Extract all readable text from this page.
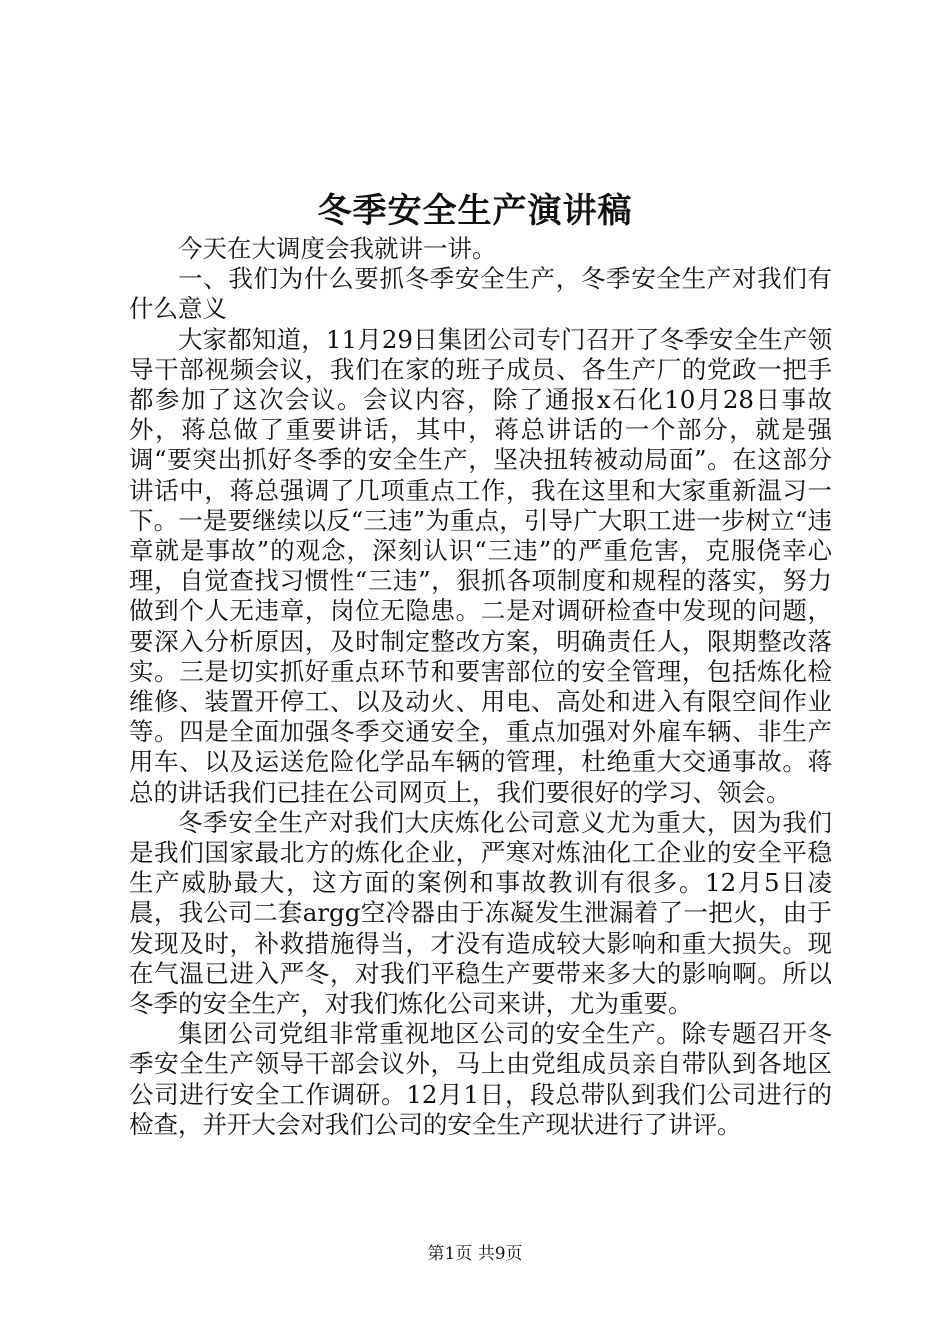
冬季安全生产演讲稿

今天在大调度会我就讲一讲。

一、我们为什么要抓冬季安全生产，冬季安全生产对我们有什么意义

大家都知道，11月29日集团公司专门召开了冬季安全生产领导干部视频会议，我们在家的班子成员、各生产厂的党政一把手都参加了这次会议。会议内容，除了通报x石化10月28日事故外，蒋总做了重要讲话，其中，蒋总讲话的一个部分，就是强调“要突出抓好冬季的安全生产，坚决扭转被动局面”。在这部分讲话中，蒋总强调了几项重点工作，我在这里和大家重新温习一下。一是要继续以反“三违”为重点，引导广大职工进一步树立“违章就是事故”的观念，深刻认识“三违”的严重危害，克服侥幸心理，自觉查找习惯性“三违”，狠抓各项制度和规程的落实，努力做到个人无违章，岗位无隐患。二是对调研检查中发现的问题，要深入分析原因，及时制定整改方案，明确责任人，限期整改落实。三是切实抓好重点环节和要害部位的安全管理，包括炼化检维修、装置开停工、以及动火、用电、高处和进入有限空间作业等。四是全面加强冬季交通安全，重点加强对外雇车辆、非生产用车、以及运送危险化学品车辆的管理，杜绝重大交通事故。蒋总的讲话我们已挂在公司网页上，我们要很好的学习、领会。

冬季安全生产对我们大庆炼化公司意义尤为重大，因为我们是我们国家最北方的炼化企业，严寒对炼油化工企业的安全平稳生产威胁最大，这方面的案例和事故教训有很多。12月5日凌晨，我公司二套argg空冷器由于冻凝发生泄漏着了一把火，由于发现及时，补救措施得当，才没有造成较大影响和重大损失。现在气温已进入严冬，对我们平稳生产要带来多大的影响啊。所以冬季的安全生产，对我们炼化公司来讲，尤为重要。

集团公司党组非常重视地区公司的安全生产。除专题召开冬季安全生产领导干部会议外，马上由党组成员亲自带队到各地区公司进行安全工作调研。12月1日，段总带队到我们公司进行的检查，并开大会对我们公司的安全生产现状进行了讲评。

第1页 共9页
